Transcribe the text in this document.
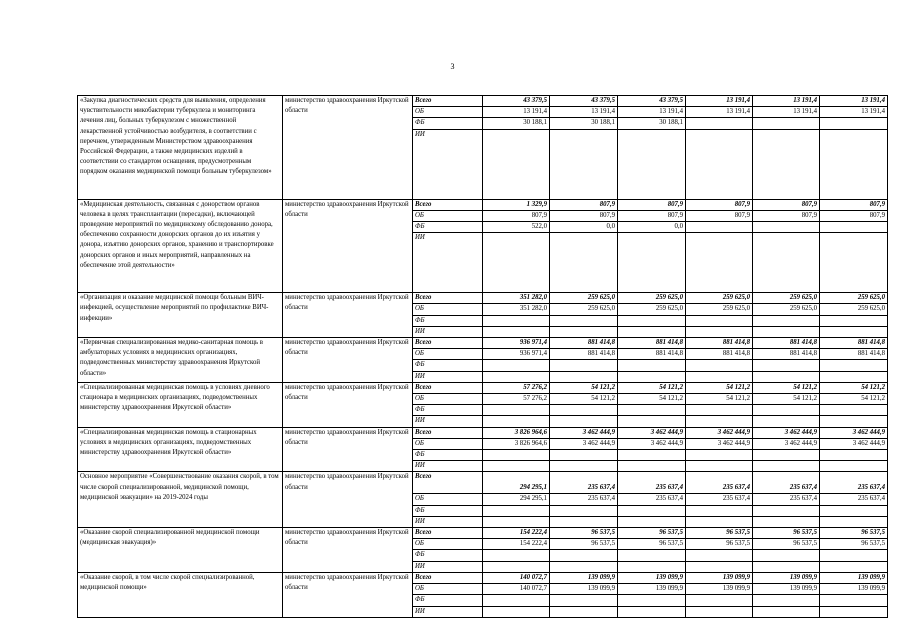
3
«Закупка диагностических средств для выявления, определения чувствительности микобактерии туберкулеза и мониторинга лечения лиц, больных туберкулезом с множественной лекарственной устойчивостью возбудителя, в соответствии с перечнем, утвержденным Министерством здравоохранения Российской Федерации, а также медицинских изделий в соответствии со стандартом оснащения, предусмотренным порядком оказания медицинской помощи больным туберкулезом»	министерство здравоохранения Иркутской области	Всего	43 379,5	43 379,5	43 379,5	13 191,4	13 191,4	13 191,4
		ОБ	13 191,4	13 191,4	13 191,4	13 191,4	13 191,4	13 191,4
		ФБ	30 188,1	30 188,1	30 188,1			
		ИИ						
«Медицинская деятельность, связанная с донорством органов человека в целях трансплантации (пересадки), включающей проведение мероприятий по медицинскому обследованию донора, обеспечению сохранности донорских органов до их изъятия у донора, изъятию донорских органов, хранению и транспортировке донорских органов и иных мероприятий, направленных на обеспечение этой деятельности»	министерство здравоохранения Иркутской области	Всего	1 329,9	807,9	807,9	807,9	807,9	807,9
		ОБ	807,9	807,9	807,9	807,9	807,9	807,9
		ФБ	522,0	0,0	0,0			
		ИИ						
«Организация и оказание медицинской помощи больным ВИЧ-инфекцией, осуществление мероприятий по профилактике ВИЧ-инфекции»	министерство здравоохранения Иркутской области	Всего	351 282,0	259 625,0	259 625,0	259 625,0	259 625,0	259 625,0
		ОБ	351 282,0	259 625,0	259 625,0	259 625,0	259 625,0	259 625,0
		ФБ						
		ИИ						
«Первичная специализированная медико-санитарная помощь в амбулаторных условиях в медицинских организациях, подведомственных министерству здравоохранения Иркутской области»	министерство здравоохранения Иркутской области	Всего	936 971,4	881 414,8	881 414,8	881 414,8	881 414,8	881 414,8
		ОБ	936 971,4	881 414,8	881 414,8	881 414,8	881 414,8	881 414,8
		ФБ						
		ИИ						
«Специализированная медицинская помощь в условиях дневного стационара в медицинских организациях, подведомственных министерству здравоохранения Иркутской области»	министерство здравоохранения Иркутской области	Всего	57 276,2	54 121,2	54 121,2	54 121,2	54 121,2	54 121,2
		ОБ	57 276,2	54 121,2	54 121,2	54 121,2	54 121,2	54 121,2
		ФБ						
		ИИ						
«Специализированная медицинская помощь в стационарных условиях в медицинских организациях, подведомственных министерству здравоохранения Иркутской области»	министерство здравоохранения Иркутской области	Всего	3 826 964,6	3 462 444,9	3 462 444,9	3 462 444,9	3 462 444,9	3 462 444,9
		ОБ	3 826 964,6	3 462 444,9	3 462 444,9	3 462 444,9	3 462 444,9	3 462 444,9
		ФБ						
		ИИ						
Основное мероприятие «Совершенствование оказания скорой, в том числе скорой специализированной, медицинской помощи, медицинской эвакуации» на 2019-2024 годы	министерство здравоохранения Иркутской области	Всего	294 295,1	235 637,4	235 637,4	235 637,4	235 637,4	235 637,4
		ОБ	294 295,1	235 637,4	235 637,4	235 637,4	235 637,4	235 637,4
		ФБ						
		ИИ						
«Оказание скорой специализированной медицинской помощи (медицинская эвакуация)»	министерство здравоохранения Иркутской области	Всего	154 222,4	96 537,5	96 537,5	96 537,5	96 537,5	96 537,5
		ОБ	154 222,4	96 537,5	96 537,5	96 537,5	96 537,5	96 537,5
		ФБ						
		ИИ						
«Оказание скорой, в том числе скорой специализированной, медицинской помощи»	министерство здравоохранения Иркутской области	Всего	140 072,7	139 099,9	139 099,9	139 099,9	139 099,9	139 099,9
		ОБ	140 072,7	139 099,9	139 099,9	139 099,9	139 099,9	139 099,9
		ФБ						
		ИИ						
